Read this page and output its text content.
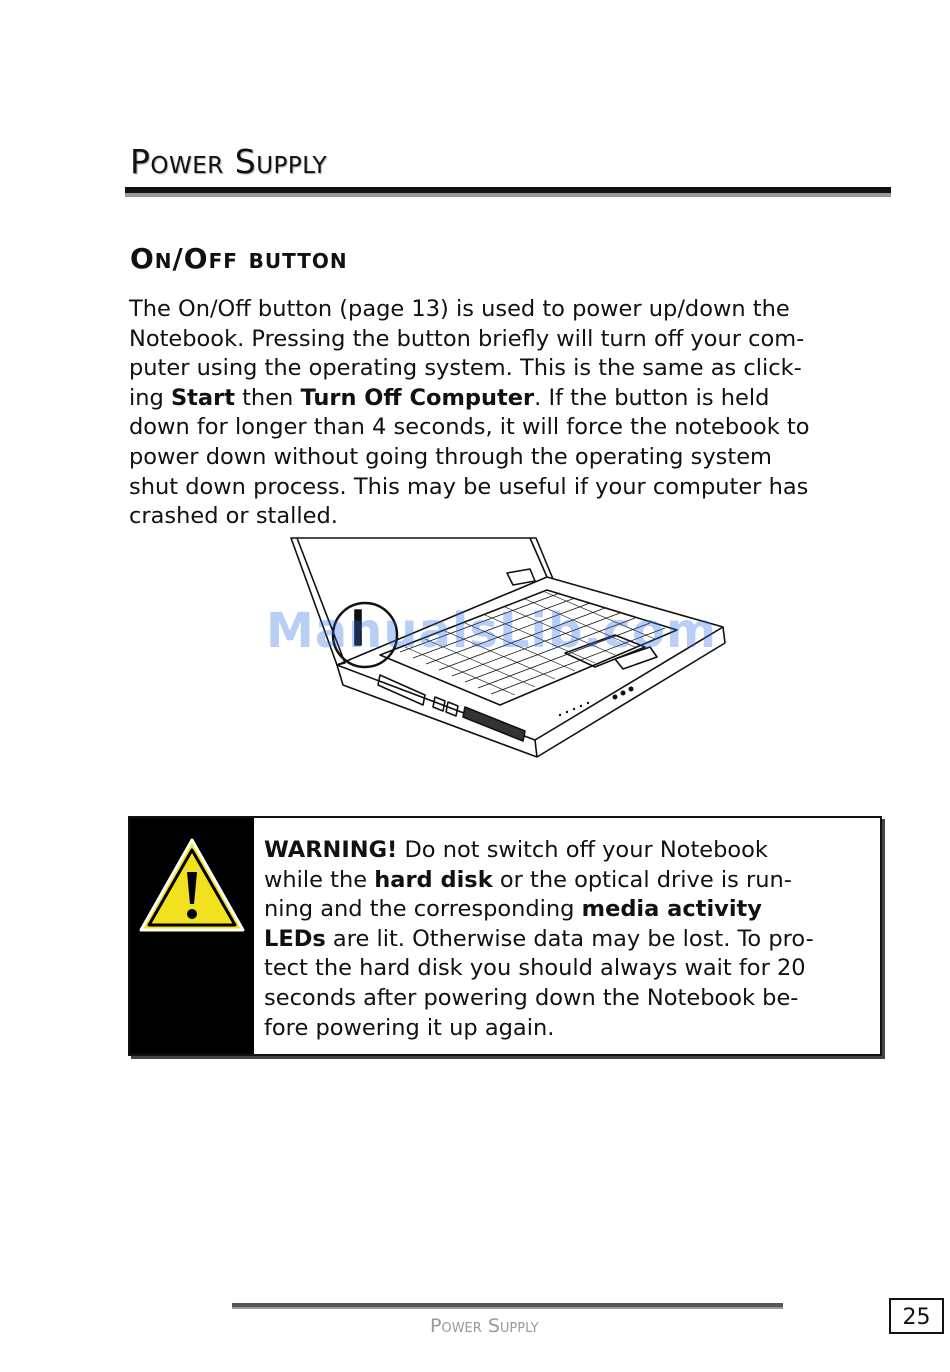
Power Supply
On/Off button
The On/Off button (page 13) is used to power up/down the
Notebook. Pressing the button briefly will turn off your com-
puter using the operating system. This is the same as click-
ing Start then Turn Off Computer. If the button is held
down for longer than 4 seconds, it will force the notebook to
power down without going through the operating system
shut down process. This may be useful if your computer has
crashed or stalled.
ManualsLib.com
WARNING! Do not switch off your Notebook
while the hard disk or the optical drive is run-
ning and the corresponding media activity
LEDs are lit. Otherwise data may be lost. To pro-
tect the hard disk you should always wait for 20
seconds after powering down the Notebook be-
fore powering it up again.
Power Supply	25
